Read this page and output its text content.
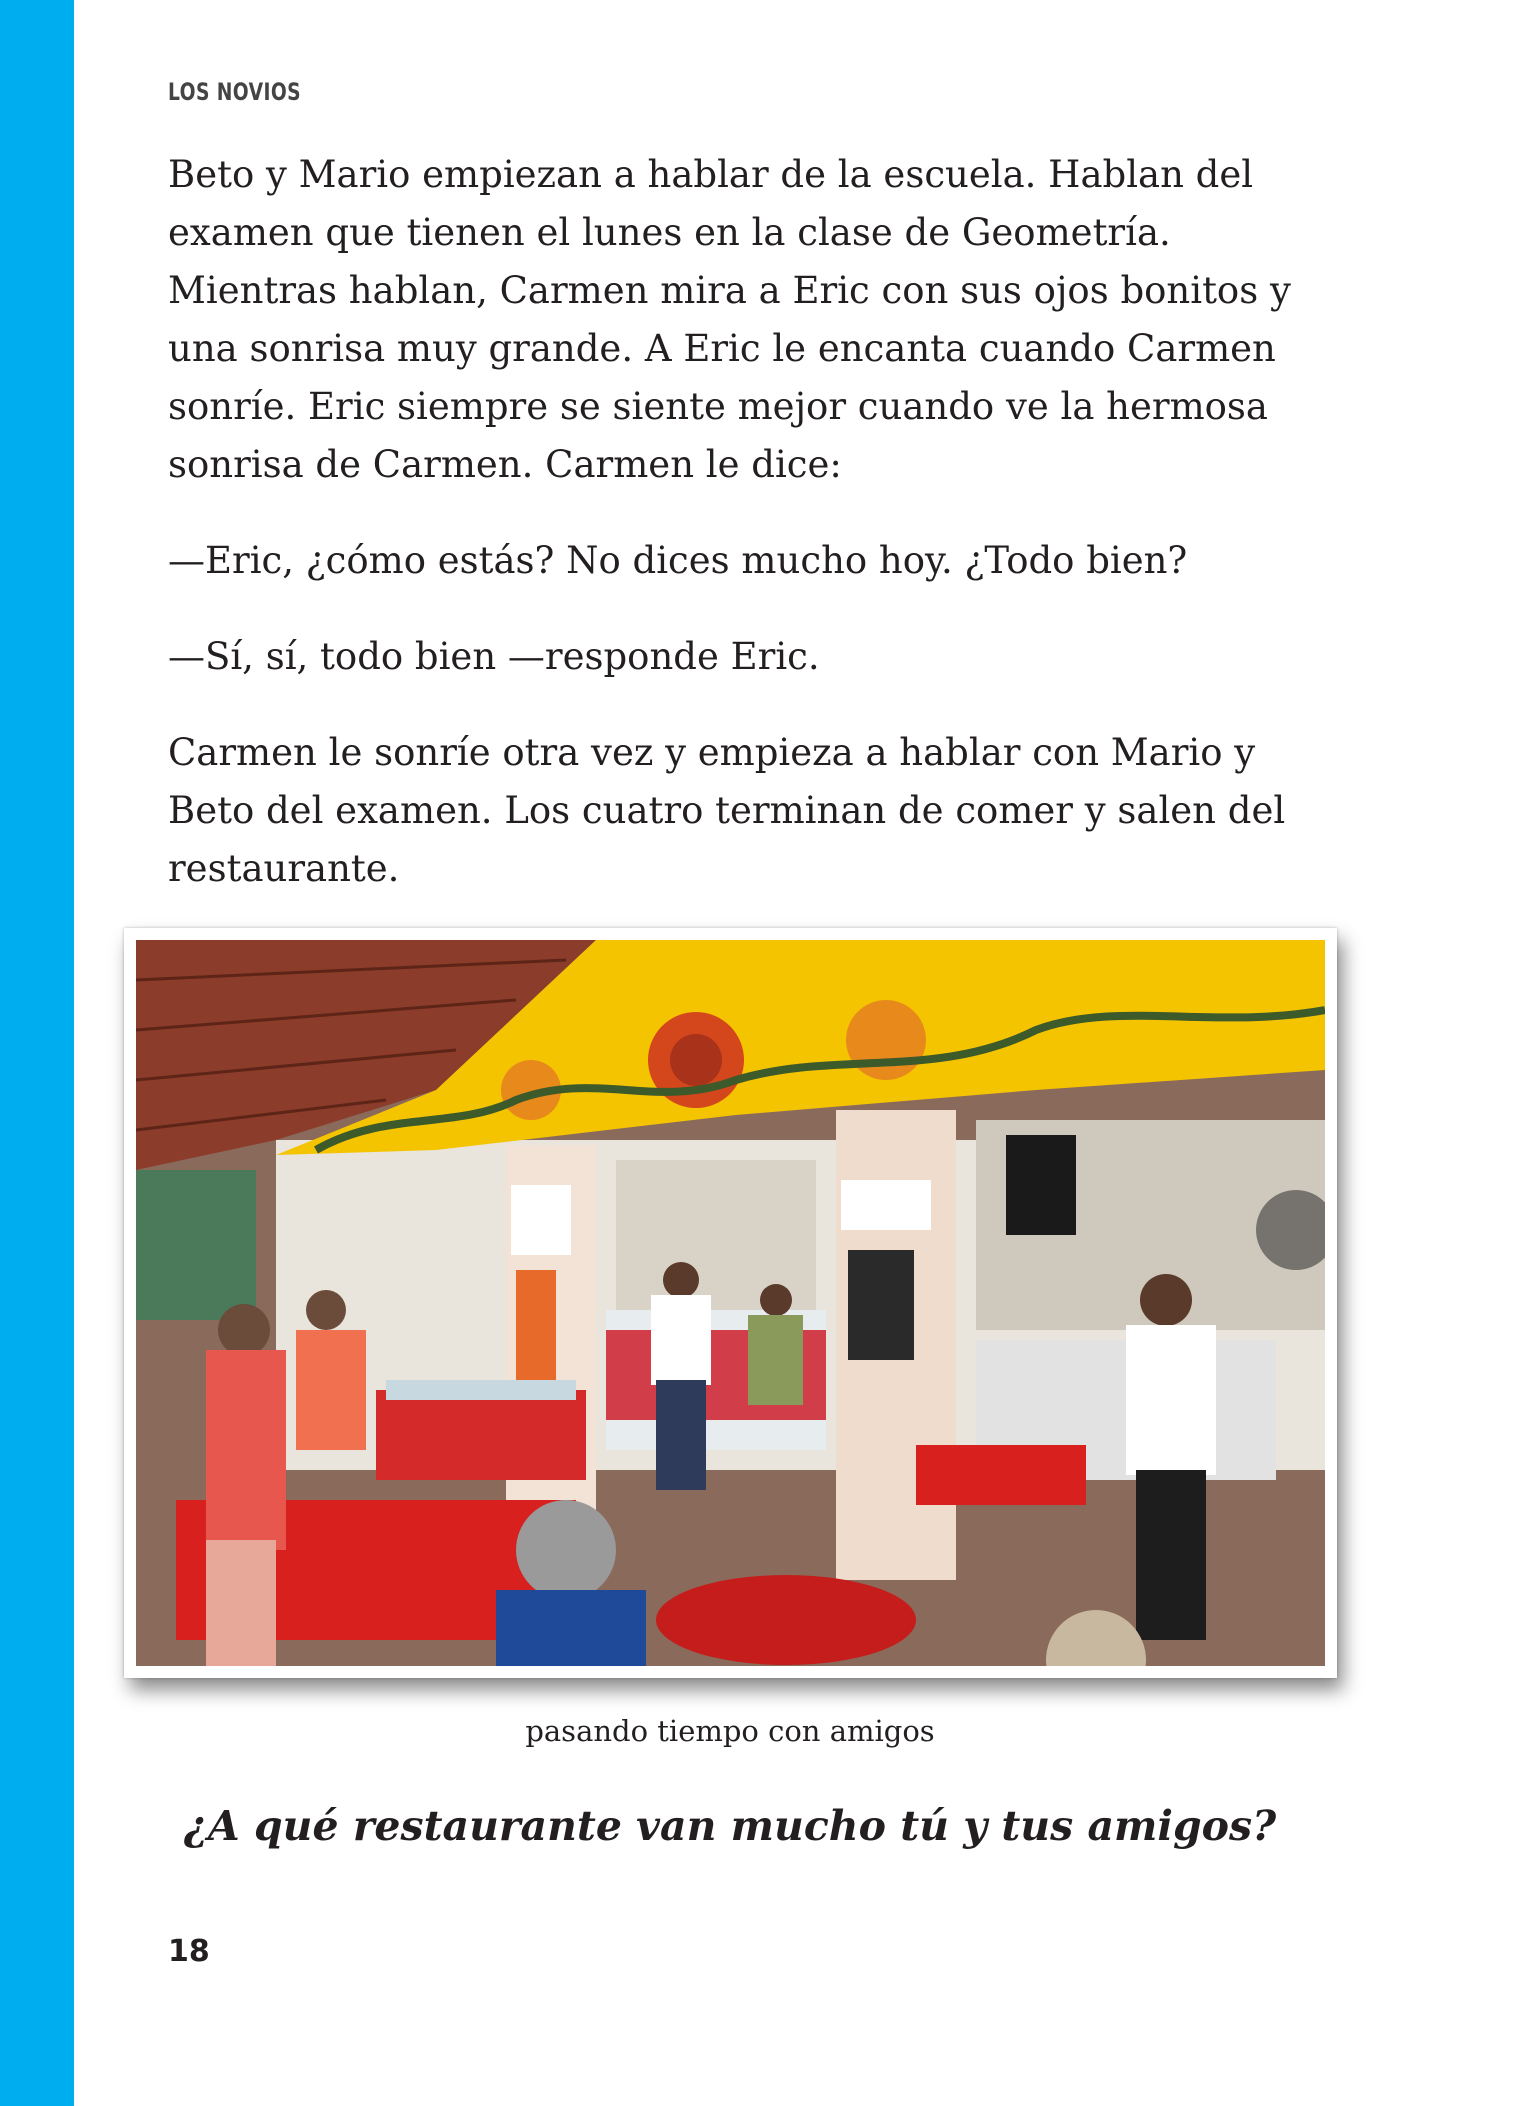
LOS NOVIOS

Beto y Mario empiezan a hablar de la escuela. Hablan del examen que tienen el lunes en la clase de Geometría. Mientras hablan, Carmen mira a Eric con sus ojos bonitos y una sonrisa muy grande. A Eric le encanta cuando Carmen sonríe. Eric siempre se siente mejor cuando ve la hermosa sonrisa de Carmen. Carmen le dice:

—Eric, ¿cómo estás? No dices mucho hoy. ¿Todo bien?

—Sí, sí, todo bien —responde Eric.

Carmen le sonríe otra vez y empieza a hablar con Mario y Beto del examen. Los cuatro terminan de comer y salen del restaurante.

pasando tiempo con amigos
¿A qué restaurante van mucho tú y tus amigos?
18
